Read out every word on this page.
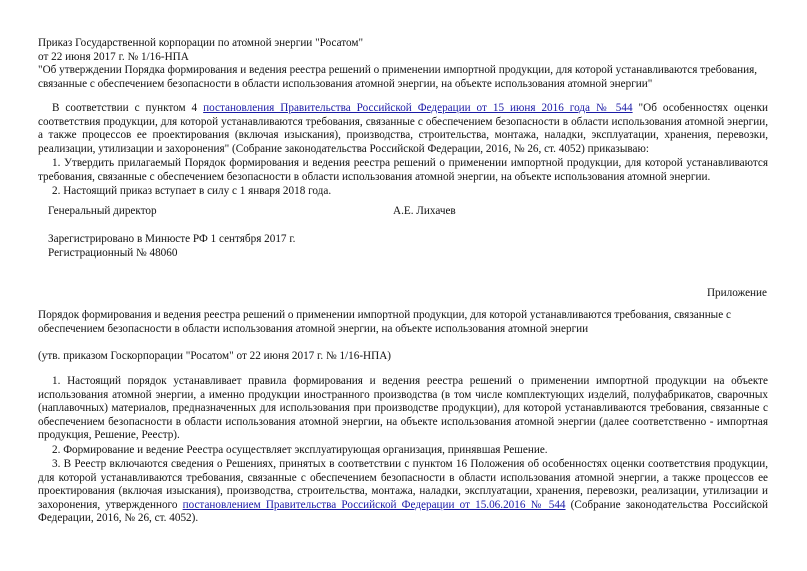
Приказ Государственной корпорации по атомной энергии "Росатом"
от 22 июня 2017 г. № 1/16-НПА
"Об утверждении Порядка формирования и ведения реестра решений о применении импортной продукции, для которой устанавливаются требования,
связанные с обеспечением безопасности в области использования атомной энергии, на объекте использования атомной энергии"
В соответствии с пунктом 4 постановления Правительства Российской Федерации от 15 июня 2016 года № 544 "Об особенностях оценки соответствия продукции, для которой устанавливаются требования, связанные с обеспечением безопасности в области использования атомной энергии, а также процессов ее проектирования (включая изыскания), производства, строительства, монтажа, наладки, эксплуатации, хранения, перевозки, реализации, утилизации и захоронения" (Собрание законодательства Российской Федерации, 2016, № 26, ст. 4052) приказываю:
1. Утвердить прилагаемый Порядок формирования и ведения реестра решений о применении импортной продукции, для которой устанавливаются требования, связанные с обеспечением безопасности в области использования атомной энергии, на объекте использования атомной энергии.
2. Настоящий приказ вступает в силу с 1 января 2018 года.
Генеральный директор	А.Е. Лихачев
Зарегистрировано в Минюсте РФ 1 сентября 2017 г.
Регистрационный № 48060
Приложение
Порядок формирования и ведения реестра решений о применении импортной продукции, для которой устанавливаются требования, связанные с обеспечением безопасности в области использования атомной энергии, на объекте использования атомной энергии
(утв. приказом Госкорпорации "Росатом" от 22 июня 2017 г. № 1/16-НПА)
1. Настоящий порядок устанавливает правила формирования и ведения реестра решений о применении импортной продукции на объекте использования атомной энергии, а именно продукции иностранного производства (в том числе комплектующих изделий, полуфабрикатов, сварочных (наплавочных) материалов, предназначенных для использования при производстве продукции), для которой устанавливаются требования, связанные с обеспечением безопасности в области использования атомной энергии, на объекте использования атомной энергии (далее соответственно - импортная продукция, Решение, Реестр).
2. Формирование и ведение Реестра осуществляет эксплуатирующая организация, принявшая Решение.
3. В Реестр включаются сведения о Решениях, принятых в соответствии с пунктом 16 Положения об особенностях оценки соответствия продукции, для которой устанавливаются требования, связанные с обеспечением безопасности в области использования атомной энергии, а также процессов ее проектирования (включая изыскания), производства, строительства, монтажа, наладки, эксплуатации, хранения, перевозки, реализации, утилизации и захоронения, утвержденного постановлением Правительства Российской Федерации от 15.06.2016 № 544 (Собрание законодательства Российской Федерации, 2016, № 26, ст. 4052).
